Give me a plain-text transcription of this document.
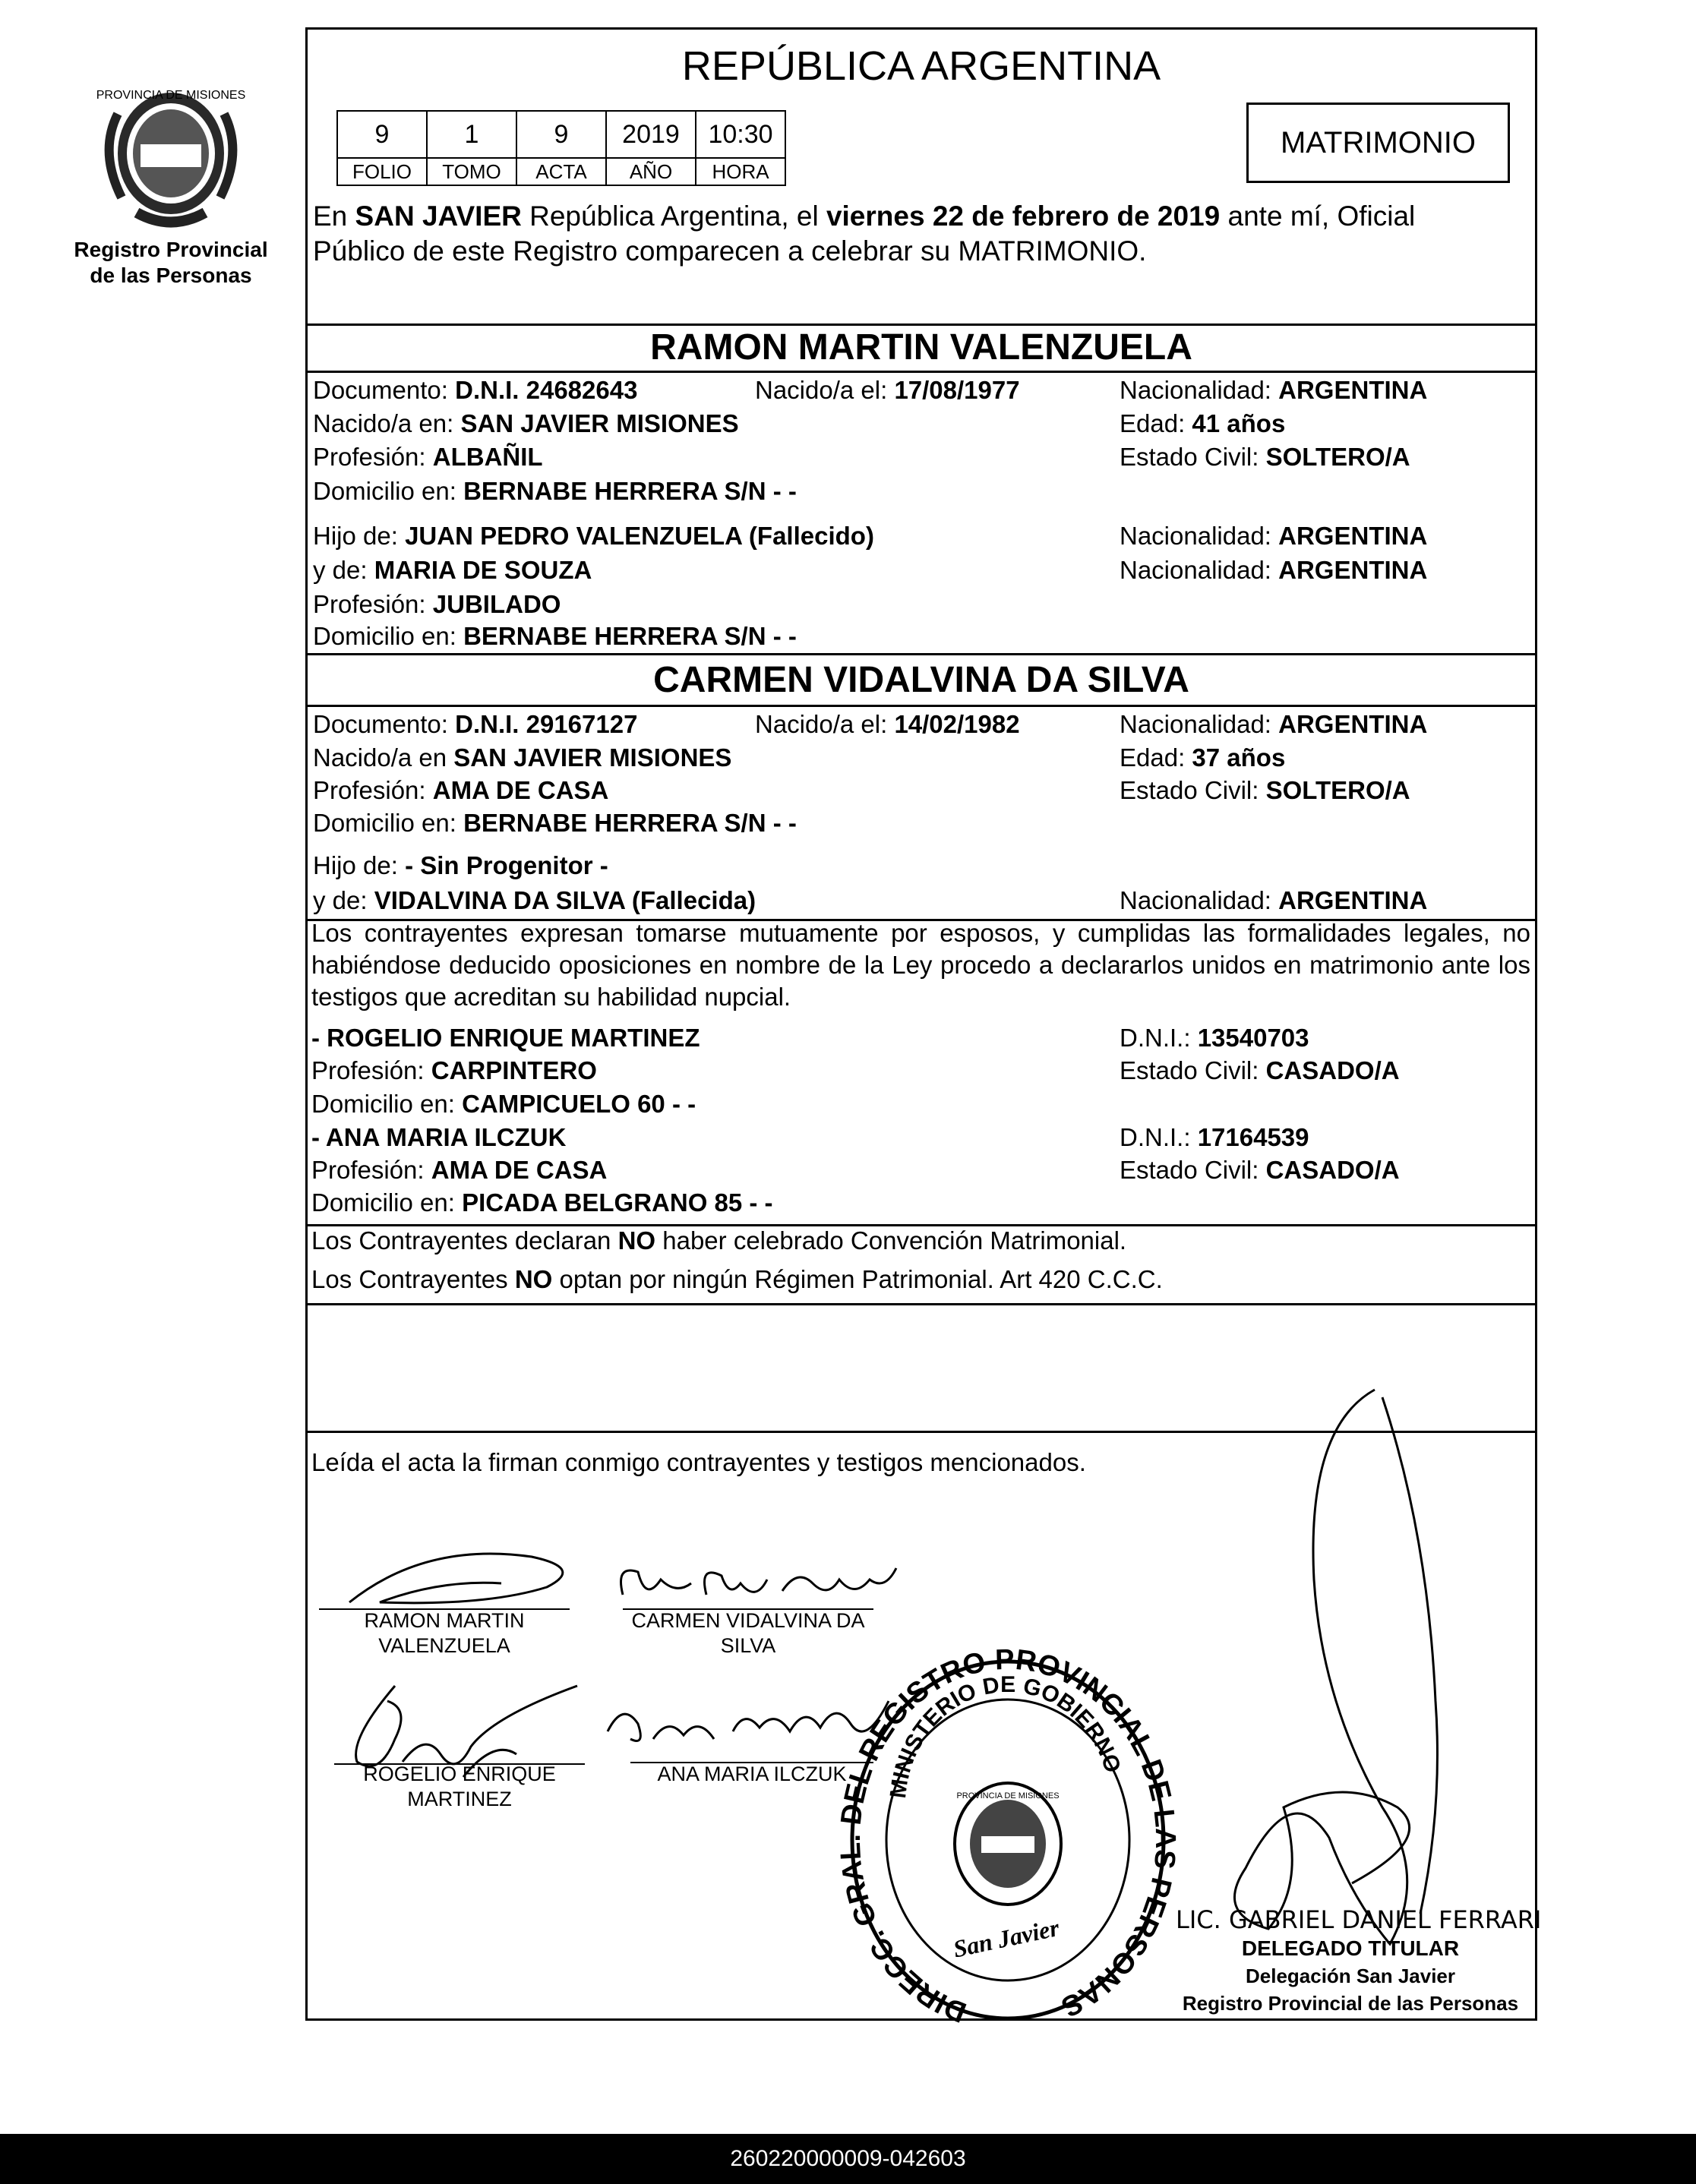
PROVINCIA DE MISIONES
Registro Provincial
de las Personas
REPÚBLICA ARGENTINA
9	1	9	2019	10:30
FOLIO	TOMO	ACTA	AÑO	HORA
MATRIMONIO
En SAN JAVIER República Argentina, el viernes 22 de febrero de 2019 ante mí, Oficial
Público de este Registro comparecen a celebrar su MATRIMONIO.
RAMON MARTIN VALENZUELA
Documento: D.N.I. 24682643	Nacido/a el: 17/08/1977	Nacionalidad: ARGENTINA
Nacido/a en: SAN JAVIER MISIONES	Edad: 41 años
Profesión: ALBAÑIL	Estado Civil: SOLTERO/A
Domicilio en: BERNABE HERRERA S/N - -
Hijo de: JUAN PEDRO VALENZUELA (Fallecido)	Nacionalidad: ARGENTINA
y de: MARIA DE SOUZA	Nacionalidad: ARGENTINA
Profesión: JUBILADO
Domicilio en: BERNABE HERRERA S/N - -
CARMEN VIDALVINA DA SILVA
Documento: D.N.I. 29167127	Nacido/a el: 14/02/1982	Nacionalidad: ARGENTINA
Nacido/a en SAN JAVIER MISIONES	Edad: 37 años
Profesión: AMA DE CASA	Estado Civil: SOLTERO/A
Domicilio en: BERNABE HERRERA S/N - -
Hijo de: - Sin Progenitor -
y de: VIDALVINA DA SILVA (Fallecida)	Nacionalidad: ARGENTINA
Los contrayentes expresan tomarse mutuamente por esposos, y cumplidas las formalidades legales, no habiéndose deducido oposiciones en nombre de la Ley procedo a declararlos unidos en matrimonio ante los testigos que acreditan su habilidad nupcial.
- ROGELIO ENRIQUE MARTINEZ	D.N.I.: 13540703
Profesión: CARPINTERO	Estado Civil: CASADO/A
Domicilio en: CAMPICUELO 60 - -
- ANA MARIA ILCZUK	D.N.I.: 17164539
Profesión: AMA DE CASA	Estado Civil: CASADO/A
Domicilio en: PICADA BELGRANO 85 - -
Los Contrayentes declaran NO haber celebrado Convención Matrimonial.
Los Contrayentes NO optan por ningún Régimen Patrimonial. Art 420 C.C.C.
Leída el acta la firman conmigo contrayentes y testigos mencionados.
RAMON MARTIN
VALENZUELA
CARMEN VIDALVINA DA
SILVA
ROGELIO ENRIQUE
MARTINEZ
ANA MARIA ILCZUK
DIRECC. GRAL. DEL REGISTRO PROVINCIAL DE LAS PERSONAS
MINISTERIO DE GOBIERNO
PROVINCIA DE MISIONES
San Javier	LIC. GABRIEL DANIEL FERRARI
DELEGADO TITULAR
Delegación San Javier
Registro Provincial de las Personas
260220000009-042603
